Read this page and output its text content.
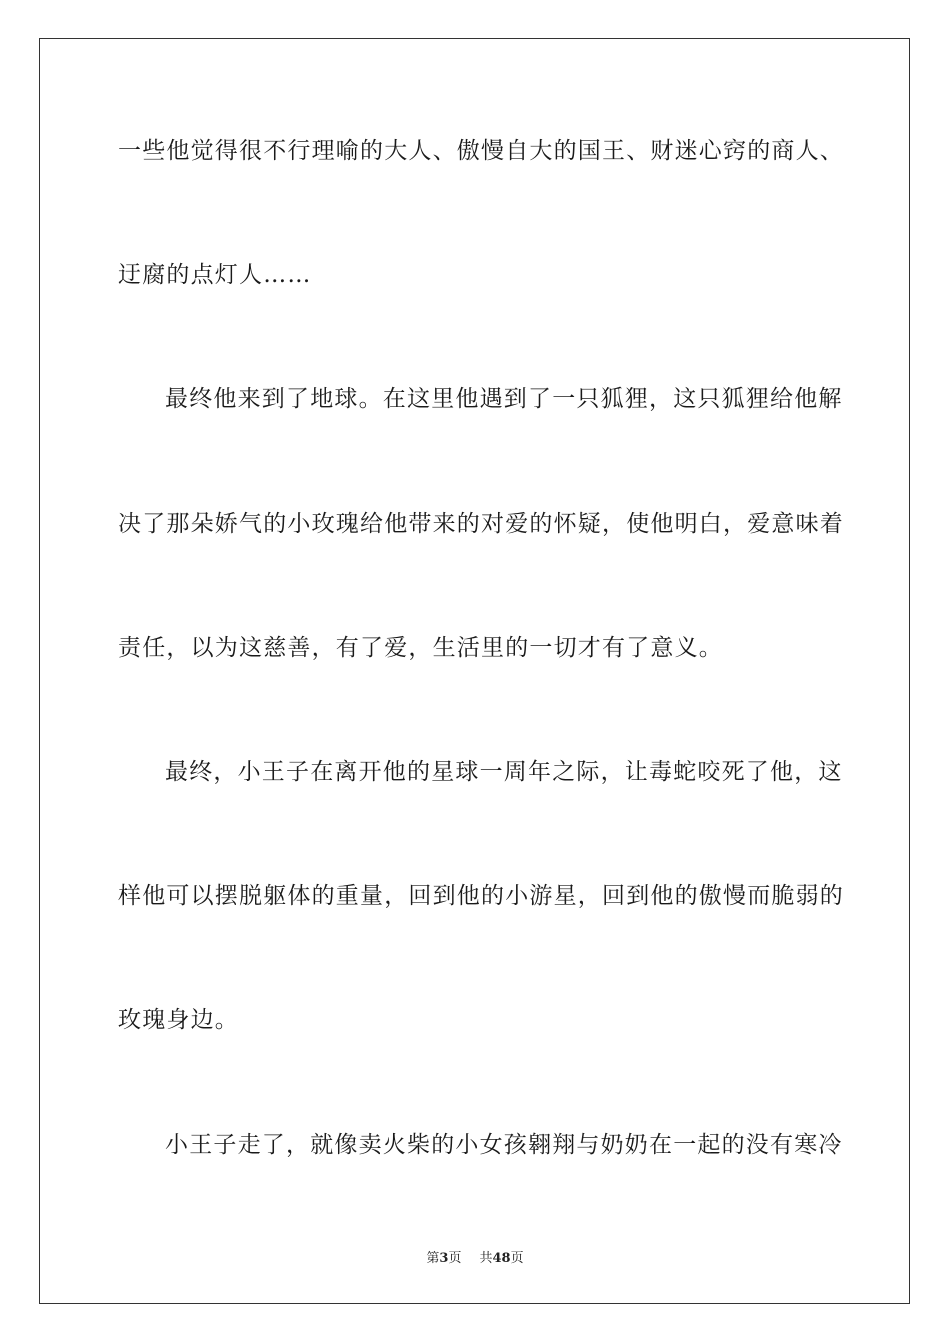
一些他觉得很不行理喻的大人、傲慢自大的国王、财迷心窍的商人、
迂腐的点灯人……
最终他来到了地球。在这里他遇到了一只狐狸，这只狐狸给他解
决了那朵娇气的小玫瑰给他带来的对爱的怀疑，使他明白，爱意味着
责任，以为这慈善，有了爱，生活里的一切才有了意义。
最终，小王子在离开他的星球一周年之际，让毒蛇咬死了他，这
样他可以摆脱躯体的重量，回到他的小游星，回到他的傲慢而脆弱的
玫瑰身边。
小王子走了，就像卖火柴的小女孩翱翔与奶奶在一起的没有寒冷
第3页 共48页
